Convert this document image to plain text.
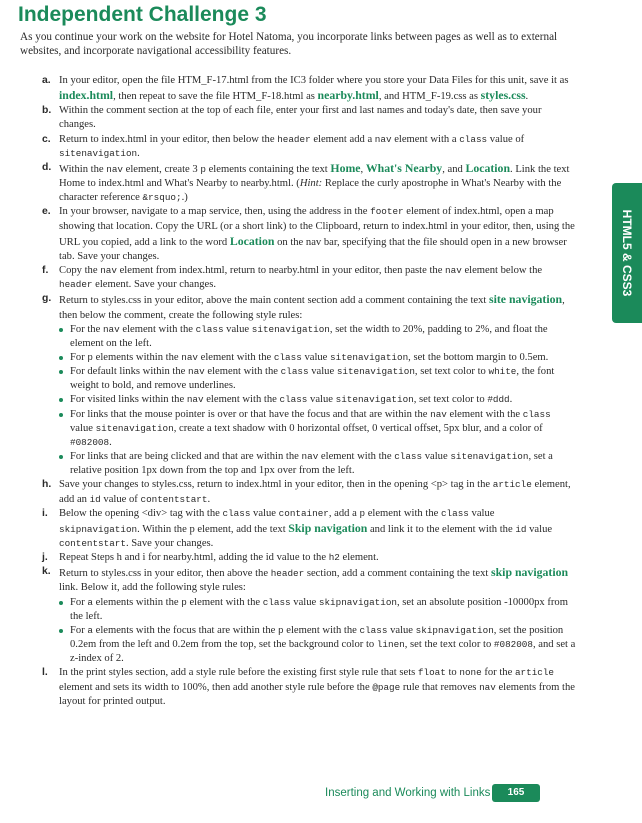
Independent Challenge 3

As you continue your work on the website for Hotel Natoma, you incorporate links between pages as well as to external websites, and incorporate navigational accessibility features.

a. In your editor, open the file HTM_F-17.html from the IC3 folder where you store your Data Files for this unit, save it as index.html, then repeat to save the file HTM_F-18.html as nearby.html, and HTM_F-19.css as styles.css.
b. Within the comment section at the top of each file, enter your first and last names and today's date, then save your changes.
c. Return to index.html in your editor, then below the header element add a nav element with a class value of sitenavigation.
d. Within the nav element, create 3 p elements containing the text Home, What's Nearby, and Location. Link the text Home to index.html and What's Nearby to nearby.html. (Hint: Replace the curly apostrophe in What's Nearby with the character reference &rsquo;.)
e. In your browser, navigate to a map service, then, using the address in the footer element of index.html, open a map showing that location. Copy the URL (or a short link) to the Clipboard, return to index.html in your editor, then, using the URL you copied, add a link to the word Location on the nav bar, specifying that the file should open in a new browser tab. Save your changes.
f. Copy the nav element from index.html, return to nearby.html in your editor, then paste the nav element below the header element. Save your changes.
g. Return to styles.css in your editor, above the main content section add a comment containing the text site navigation, then below the comment, create the following style rules:
For the nav element with the class value sitenavigation, set the width to 20%, padding to 2%, and float the element on the left.
For p elements within the nav element with the class value sitenavigation, set the bottom margin to 0.5em.
For default links within the nav element with the class value sitenavigation, set text color to white, the font weight to bold, and remove underlines.
For visited links within the nav element with the class value sitenavigation, set text color to #ddd.
For links that the mouse pointer is over or that have the focus and that are within the nav element with the class value sitenavigation, create a text shadow with 0 horizontal offset, 0 vertical offset, 5px blur, and a color of #082008.
For links that are being clicked and that are within the nav element with the class value sitenavigation, set a relative position 1px down from the top and 1px over from the left.
h. Save your changes to styles.css, return to index.html in your editor, then in the opening <p> tag in the article element, add an id value of contentstart.
i. Below the opening <div> tag with the class value container, add a p element with the class value skipnavigation. Within the p element, add the text Skip navigation and link it to the element with the id value contentstart. Save your changes.
j. Repeat Steps h and i for nearby.html, adding the id value to the h2 element.
k. Return to styles.css in your editor, then above the header section, add a comment containing the text skip navigation link. Below it, add the following style rules:
For a elements within the p element with the class value skipnavigation, set an absolute position -10000px from the left.
For a elements with the focus that are within the p element with the class value skipnavigation, set the position 0.2em from the left and 0.2em from the top, set the background color to linen, set the text color to #082008, and set a z-index of 2.
l. In the print styles section, add a style rule before the existing first style rule that sets float to none for the article element and sets its width to 100%, then add another style rule before the @page rule that removes nav elements from the layout for printed output.
HTML5 & CSS3
Inserting and Working with Links	165
